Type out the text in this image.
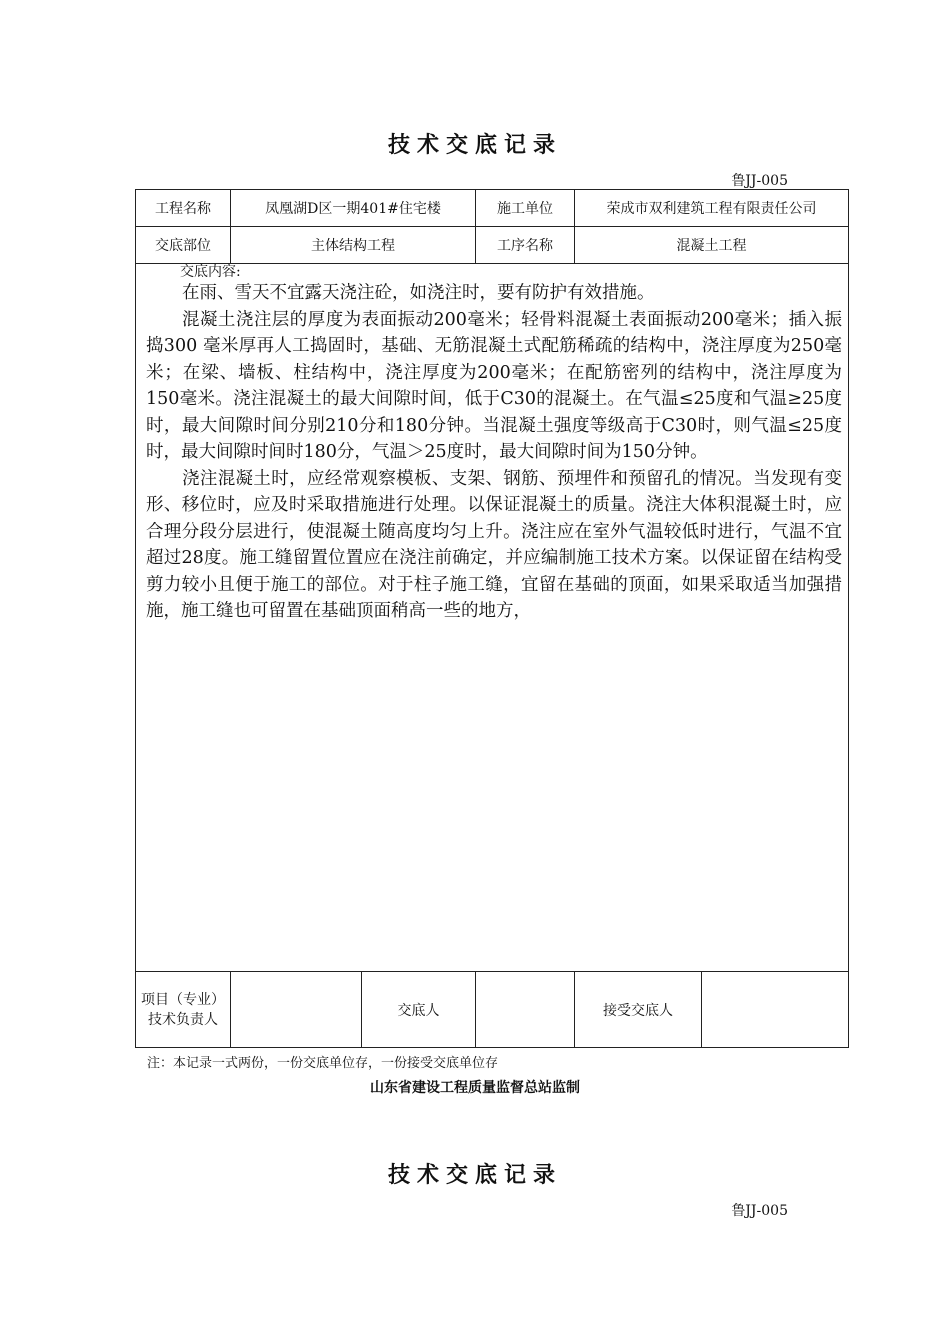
技术交底记录
鲁JJ-005
工程名称	凤凰湖D区一期401#住宅楼		施工单位	荣成市双利建筑工程有限责任公司	
交底部位	主体结构工程		工序名称	混凝土工程	

交底内容:

在雨、雪天不宜露天浇注砼，如浇注时，要有防护有效措施。

混凝土浇注层的厚度为表面振动200毫米；轻骨料混凝土表面振动200毫米；插入振捣300 毫米厚再人工捣固时，基础、无筋混凝土式配筋稀疏的结构中，浇注厚度为250毫米；在梁、墙板、柱结构中，浇注厚度为200毫米；在配筋密列的结构中，浇注厚度为150毫米。浇注混凝土的最大间隙时间，低于C30的混凝土。在气温≤25度和气温≥25度时，最大间隙时间分别210分和180分钟。当混凝土强度等级高于C30时，则气温≤25度时，最大间隙时间时180分，气温＞25度时，最大间隙时间为150分钟。

浇注混凝土时，应经常观察模板、支架、钢筋、预埋件和预留孔的情况。当发现有变形、移位时，应及时采取措施进行处理。以保证混凝土的质量。浇注大体积混凝土时，应合理分段分层进行，使混凝土随高度均匀上升。浇注应在室外气温较低时进行，气温不宜超过28度。施工缝留置位置应在浇注前确定，并应编制施工技术方案。以保证留在结构受剪力较小且便于施工的部位。对于柱子施工缝，宜留在基础的顶面，如果采取适当加强措施，施工缝也可留置在基础顶面稍高一些的地方，					

项目（专业）
技术负责人		交底人		接受交底人	
注：本记录一式两份，一份交底单位存，一份接受交底单位存
山东省建设工程质量监督总站监制
技术交底记录
鲁JJ-005
